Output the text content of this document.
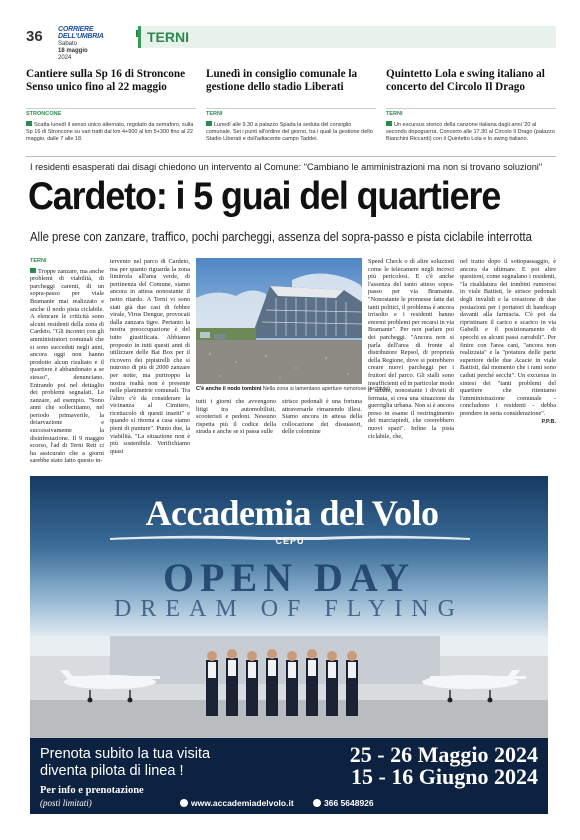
36	CORRIERE DELL'UMBRIA
Sabato
18 maggio
2024
TERNI
Cantiere sulla Sp 16 di Stroncone Senso unico fino al 22 maggio
STRONCONE

Scatta lunedì il senso unico alternato, regolato da semaforo, sulla Sp 16 di Stroncone su vari tratti dal km 4+900 al km 5+300 fino al 22 maggio, dalle 7 alle 18.

Lunedì in consiglio comunale la gestione dello stadio Liberati
TERNI

Lunedì alle 9.30 a palazzo Spada la seduta del consiglio comunale. Sei i punti all'ordine del giorno, tra i quali la gestione dello Stadio Liberati e dell'adiacente campo Taddei.

Quintetto Lola e swing italiano al concerto del Circolo Il Drago
TERNI

Un excursus storico della canzone italiana dagli anni '20 al secondo dopoguerra. Concerto alle 17.30 al Circolo Il Drago (palazzo Bianchini Riccardi) con il Quintetto Lola e lo swing italiano.

I residenti esasperati dai disagi chiedono un intervento al Comune: "Cambiano le amministrazioni ma non si trovano soluzioni"
Cardeto: i 5 guai del quartiere
Alle prese con zanzare, traffico, pochi parcheggi, assenza del sopra-passo e pista ciclabile interrotta
TERNI
Troppe zanzare, ma anche problemi di viabilità, di parcheggi carenti, di un sopra-passo per viale Bramante mai realizzato e anche il nodo pista ciclabile. A elencare le criticità sono alcuni residenti della zona di Cardeto. "Gli incontri con gli amministratori comunali che si sono succeduti negli anni, ancora oggi non hanno prodotto alcun risultato e il quartiere è abbandonato a se stesso", denunciano. Entrando poi nel dettaglio dei problemi segnalati. Le zanzare, ad esempio. "Sono anni che sollecitiamo, nel periodo primaverile, la deiarvazione e successivamente la disinfestazione. Il 9 maggio scorso, l'ad di Terni Reti ci ha assicurato che a giorni sarebbe stato fatto questo in-
tervento nel parco di Cardeto, ma per quanto riguarda la zona limitrofa all'area verde, di pertinenza del Comune, siamo ancora in attesa nonostante il netto ritardo. A Terni vi sono stati già due casi di febbre virale, Virus Dengue, provocati dalla zanzara tigre. Pertanto la nostra preoccupazione è del tutto giustificata. Abbiamo proposto in tutti questi anni di utilizzare delle Bat Box per il ricovero dei pipistrelli che si nutrono di più di 2000 zanzare per notte, ma purtroppo la nostra realtà non è presente nelle planimetrie comunali. Tra l'altro c'è da considerare la vicinanza al Cimitero, ricettacolo di questi insetti" e quando si ritorna a casa siamo pieni di punture". Punto due, la viabilità. "La situazione non è più sostenibile. Verifichiamo quasi
C'è anche il nodo tombini Nella zona si lamentano aperture rumorose (archivio)
tutti i giorni che avvengono litigi tra automobilisti, scooteristi e pedoni. Nessuno rispetta più il codice della strada e anche se si passa sulle
strisce pedonali è una fortuna attraversarle rimanendo illesi. Siamo ancora in attesa della collocazione dei dissuasori, delle colonnine
Speed Check o di altre soluzioni come le telecamere negli incroci più pericolosi. E c'è anche l'assenza del tanto atteso sopra-passo per via Bramante. "Nonostante le promesse fatte dai tanti politici, il problema è ancora irrisolto e i residenti hanno enormi problemi per recarsi in via Bramante". Per non parlare poi dei parcheggi. "Ancora non si parla dell'area di fronte al distributore Repsol, di proprietà della Regione, dove si potrebbero creare nuovi parcheggi per i fruitori del parco. Gli stalli sono insufficienti ed in particolar modo il sabato, nonostante i divieti di fermata, si crea una situazione da guerriglia urbana. Non si è ancora preso in esame il restringimento dei marciapiedi, che creerebbero nuovi spazi". Infine la pista ciclabile, che,
nel tratto dopo il sottopassaggio, è ancora da ultimare. E poi altre questioni, come segnalano i residenti, "la risaldatura dei tombini rumorosi in viale Battisti, le strisce pedonali degli invalidi e la creazione di due postazioni per i portatori di handicap davanti alla farmacia. C'è poi da ripristinare il carico e scarico in via Gabelli e il posizionamento di specchi su alcuni passi carrabili". Per finire con l'area cani, "ancora non realizzata" e la "potatura delle parte superiore delle due Acacie in viale Battisti, dal momento che i rami sono caduti perché secchi". Un excursus in sintesi dei "tanti problemi del quartiere che riteniamo l'amministrazione comunale - concludono i residenti - debba prendere in seria considerazione".
P.P.B.
Accademia del Volo
CEPU
OPEN DAY
DREAM OF FLYING
Prenota subito la tua visita
diventa pilota di linea !
25 - 26 Maggio 2024
15 - 16 Giugno 2024
Per info e prenotazione
(posti limitati)	www.accademiadelvolo.it	366 5648926
